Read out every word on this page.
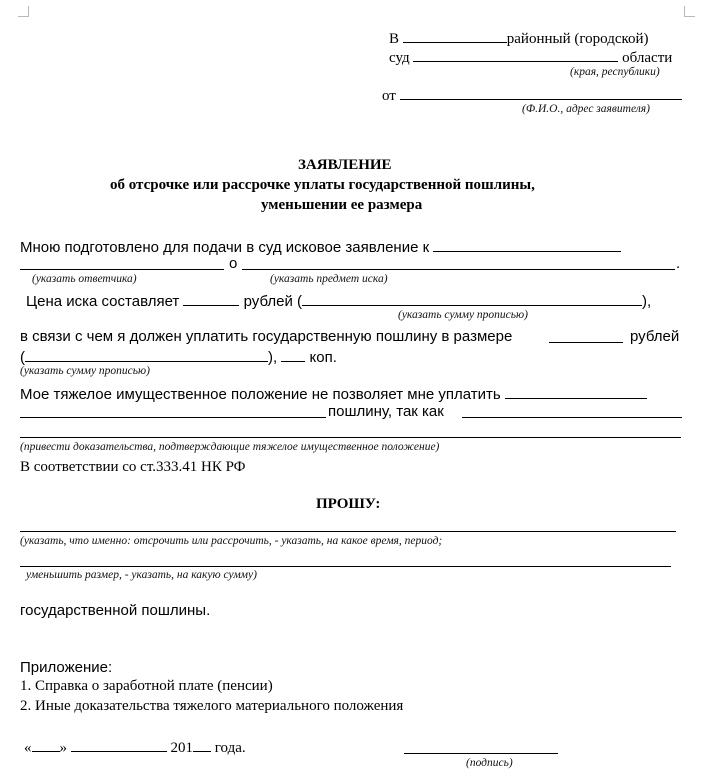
В	районный (городской)
суд	области
(края, республики)
от
(Ф.И.О., адрес заявителя)
ЗАЯВЛЕНИЕ
об отсрочке или рассрочке уплаты государственной пошлины,
уменьшении ее размера
Мною подготовлено для подачи в суд исковое заявление к
о	.
(указать ответчика)	(указать предмет иска)
Цена иска составляет	рублей (	),
(указать сумму прописью)
в связи с чем я должен уплатить государственную пошлину в размере	рублей
(	), коп.
(указать сумму прописью)
Мое тяжелое имущественное положение не позволяет мне уплатить
пошлину, так как
(привести доказательства, подтверждающие тяжелое имущественное положение)
В соответствии со ст.333.41 НК РФ
ПРОШУ:
(указать, что именно: отсрочить или рассрочить, - указать, на какое время, период;
уменьшить размер, - указать, на какую сумму)
государственной пошлины.
Приложение:
1. Справка о заработной плате (пенсии)
2. Иные доказательства тяжелого материального положения
« »	201 года.
(подпись)
